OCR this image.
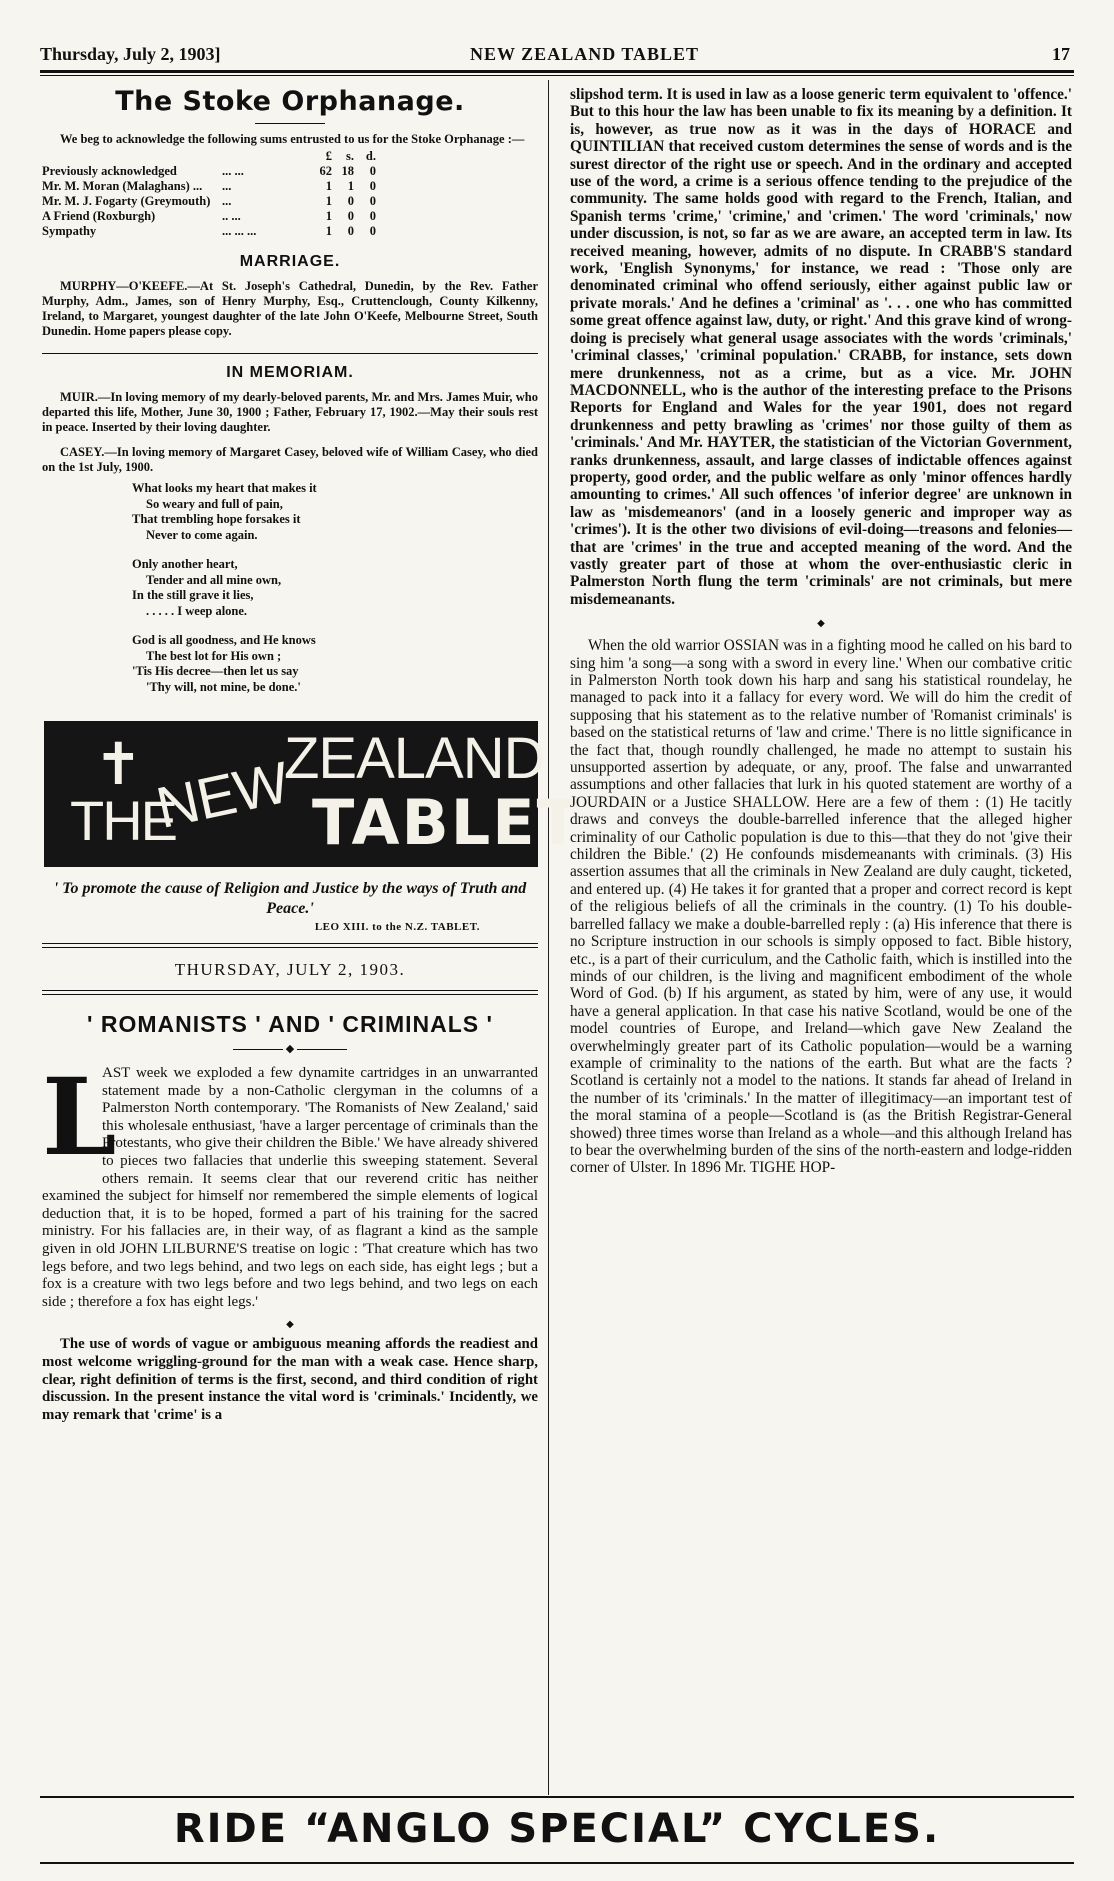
Thursday, July 2, 1903]	NEW ZEALAND TABLET	17
The Stoke Orphanage.
We beg to acknowledge the following sums entrusted to us for the Stoke Orphanage :—
		£	s.	d.
Previously acknowledged	... ...	62	18	0
Mr. M. Moran (Malaghans) ...	...	1	1	0
Mr. M. J. Fogarty (Greymouth)	...	1	0	0
A Friend (Roxburgh)	.. ...	1	0	0
Sympathy	... ... ...	1	0	0
MARRIAGE.
MURPHY—O'KEEFE.—At St. Joseph's Cathedral, Dunedin, by the Rev. Father Murphy, Adm., James, son of Henry Murphy, Esq., Cruttenclough, County Kilkenny, Ireland, to Margaret, youngest daughter of the late John O'Keefe, Melbourne Street, South Dunedin. Home papers please copy.
IN MEMORIAM.
MUIR.—In loving memory of my dearly-beloved parents, Mr. and Mrs. James Muir, who departed this life, Mother, June 30, 1900 ; Father, February 17, 1902.—May their souls rest in peace. Inserted by their loving daughter.
CASEY.—In loving memory of Margaret Casey, beloved wife of William Casey, who died on the 1st July, 1900.
What looks my heart that makes it
So weary and full of pain,
That trembling hope forsakes it
Never to come again.
Only another heart,
Tender and all mine own,
In the still grave it lies,
. . . . . I weep alone.
God is all goodness, and He knows
The best lot for His own ;
'Tis His decree—then let us say
'Thy will, not mine, be done.'
✝
THE
NEW
ZEALAND
TABLET
' To promote the cause of Religion and Justice by the ways of Truth and Peace.'
LEO XIII. to the N.Z. TABLET.
THURSDAY, JULY 2, 1903.
' ROMANISTS ' AND ' CRIMINALS '
◆
L
AST week we exploded a few dynamite cartridges in an unwarranted statement made by a non-Catholic clergyman in the columns of a Palmerston North contemporary. 'The Romanists of New Zealand,' said this wholesale enthusiast, 'have a larger percentage of criminals than the Protestants, who give their children the Bible.' We have already shivered to pieces two fallacies that underlie this sweeping statement. Several others remain. It seems clear that our reverend critic has neither examined the subject for himself nor remembered the simple elements of logical deduction that, it is to be hoped, formed a part of his training for the sacred ministry. For his fallacies are, in their way, of as flagrant a kind as the sample given in old JOHN LILBURNE'S treatise on logic : 'That creature which has two legs before, and two legs behind, and two legs on each side, has eight legs ; but a fox is a creature with two legs before and two legs behind, and two legs on each side ; therefore a fox has eight legs.'
◆
The use of words of vague or ambiguous meaning affords the readiest and most welcome wriggling-ground for the man with a weak case. Hence sharp, clear, right definition of terms is the first, second, and third condition of right discussion. In the present instance the vital word is 'criminals.' Incidently, we may remark that 'crime' is a
slipshod term. It is used in law as a loose generic term equivalent to 'offence.' But to this hour the law has been unable to fix its meaning by a definition. It is, however, as true now as it was in the days of HORACE and QUINTILIAN that received custom determines the sense of words and is the surest director of the right use or speech. And in the ordinary and accepted use of the word, a crime is a serious offence tending to the prejudice of the community. The same holds good with regard to the French, Italian, and Spanish terms 'crime,' 'crimine,' and 'crimen.' The word 'criminals,' now under discussion, is not, so far as we are aware, an accepted term in law. Its received meaning, however, admits of no dispute. In CRABB'S standard work, 'English Synonyms,' for instance, we read : 'Those only are denominated criminal who offend seriously, either against public law or private morals.' And he defines a 'criminal' as '. . . one who has committed some great offence against law, duty, or right.' And this grave kind of wrong-doing is precisely what general usage associates with the words 'criminals,' 'criminal classes,' 'criminal population.' CRABB, for instance, sets down mere drunkenness, not as a crime, but as a vice. Mr. JOHN MACDONNELL, who is the author of the interesting preface to the Prisons Reports for England and Wales for the year 1901, does not regard drunkenness and petty brawling as 'crimes' nor those guilty of them as 'criminals.' And Mr. HAYTER, the statistician of the Victorian Government, ranks drunkenness, assault, and large classes of indictable offences against property, good order, and the public welfare as only 'minor offences hardly amounting to crimes.' All such offences 'of inferior degree' are unknown in law as 'misdemeanors' (and in a loosely generic and improper way as 'crimes'). It is the other two divisions of evil-doing—treasons and felonies—that are 'crimes' in the true and accepted meaning of the word. And the vastly greater part of those at whom the over-enthusiastic cleric in Palmerston North flung the term 'criminals' are not criminals, but mere misdemeanants.
◆
When the old warrior OSSIAN was in a fighting mood he called on his bard to sing him 'a song—a song with a sword in every line.' When our combative critic in Palmerston North took down his harp and sang his statistical roundelay, he managed to pack into it a fallacy for every word. We will do him the credit of supposing that his statement as to the relative number of 'Romanist criminals' is based on the statistical returns of 'law and crime.' There is no little significance in the fact that, though roundly challenged, he made no attempt to sustain his unsupported assertion by adequate, or any, proof. The false and unwarranted assumptions and other fallacies that lurk in his quoted statement are worthy of a JOURDAIN or a Justice SHALLOW. Here are a few of them : (1) He tacitly draws and conveys the double-barrelled inference that the alleged higher criminality of our Catholic population is due to this—that they do not 'give their children the Bible.' (2) He confounds misdemeanants with criminals. (3) His assertion assumes that all the criminals in New Zealand are duly caught, ticketed, and entered up. (4) He takes it for granted that a proper and correct record is kept of the religious beliefs of all the criminals in the country. (1) To his double-barrelled fallacy we make a double-barrelled reply : (a) His inference that there is no Scripture instruction in our schools is simply opposed to fact. Bible history, etc., is a part of their curriculum, and the Catholic faith, which is instilled into the minds of our children, is the living and magnificent embodiment of the whole Word of God. (b) If his argument, as stated by him, were of any use, it would have a general application. In that case his native Scotland, would be one of the model countries of Europe, and Ireland—which gave New Zealand the overwhelmingly greater part of its Catholic population—would be a warning example of criminality to the nations of the earth. But what are the facts ? Scotland is certainly not a model to the nations. It stands far ahead of Ireland in the number of its 'criminals.' In the matter of illegitimacy—an important test of the moral stamina of a people—Scotland is (as the British Registrar-General showed) three times worse than Ireland as a whole—and this although Ireland has to bear the overwhelming burden of the sins of the north-eastern and lodge-ridden corner of Ulster. In 1896 Mr. TIGHE HOP-
RIDE “ANGLO SPECIAL” CYCLES.
